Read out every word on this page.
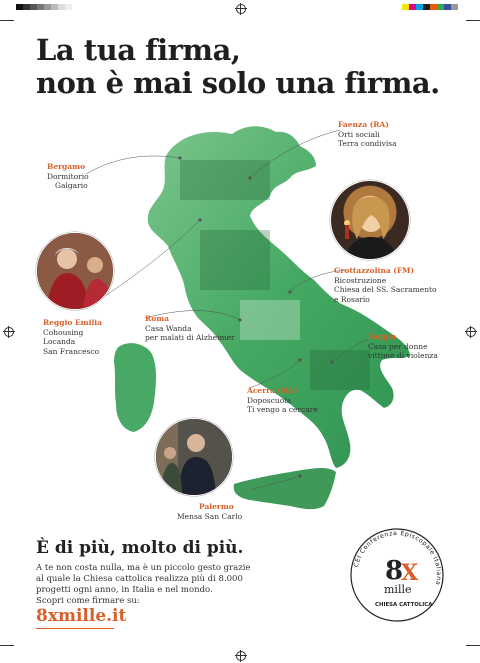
La tua firma,
non è mai solo una firma.
Faenza (RA)
Orti sociali
Terra condivisa
Bergamo
Dormitorio
Galgario
Grottazzolina (FM)
Ricostruzione
Chiesa del SS. Sacramento
e Rosario
Reggio Emilia
Cohousing
Locanda
San Francesco
Roma
Casa Wanda
per malati di Alzheimer	Foggia
Casa per donne
vittime di violenza
Acerra (NA)
Doposcuola
Ti vengo a cercare
Palermo
Mensa San Carlo
È di più, molto di più.
A te non costa nulla, ma è un piccolo gesto grazie
al quale la Chiesa cattolica realizza più di 8.000
progetti ogni anno, in Italia e nel mondo.
Scopri come firmare su:
8xmille.it
CEI Conferenza Episcopale Italiana
8
X
mille
CHIESA CATTOLICA
